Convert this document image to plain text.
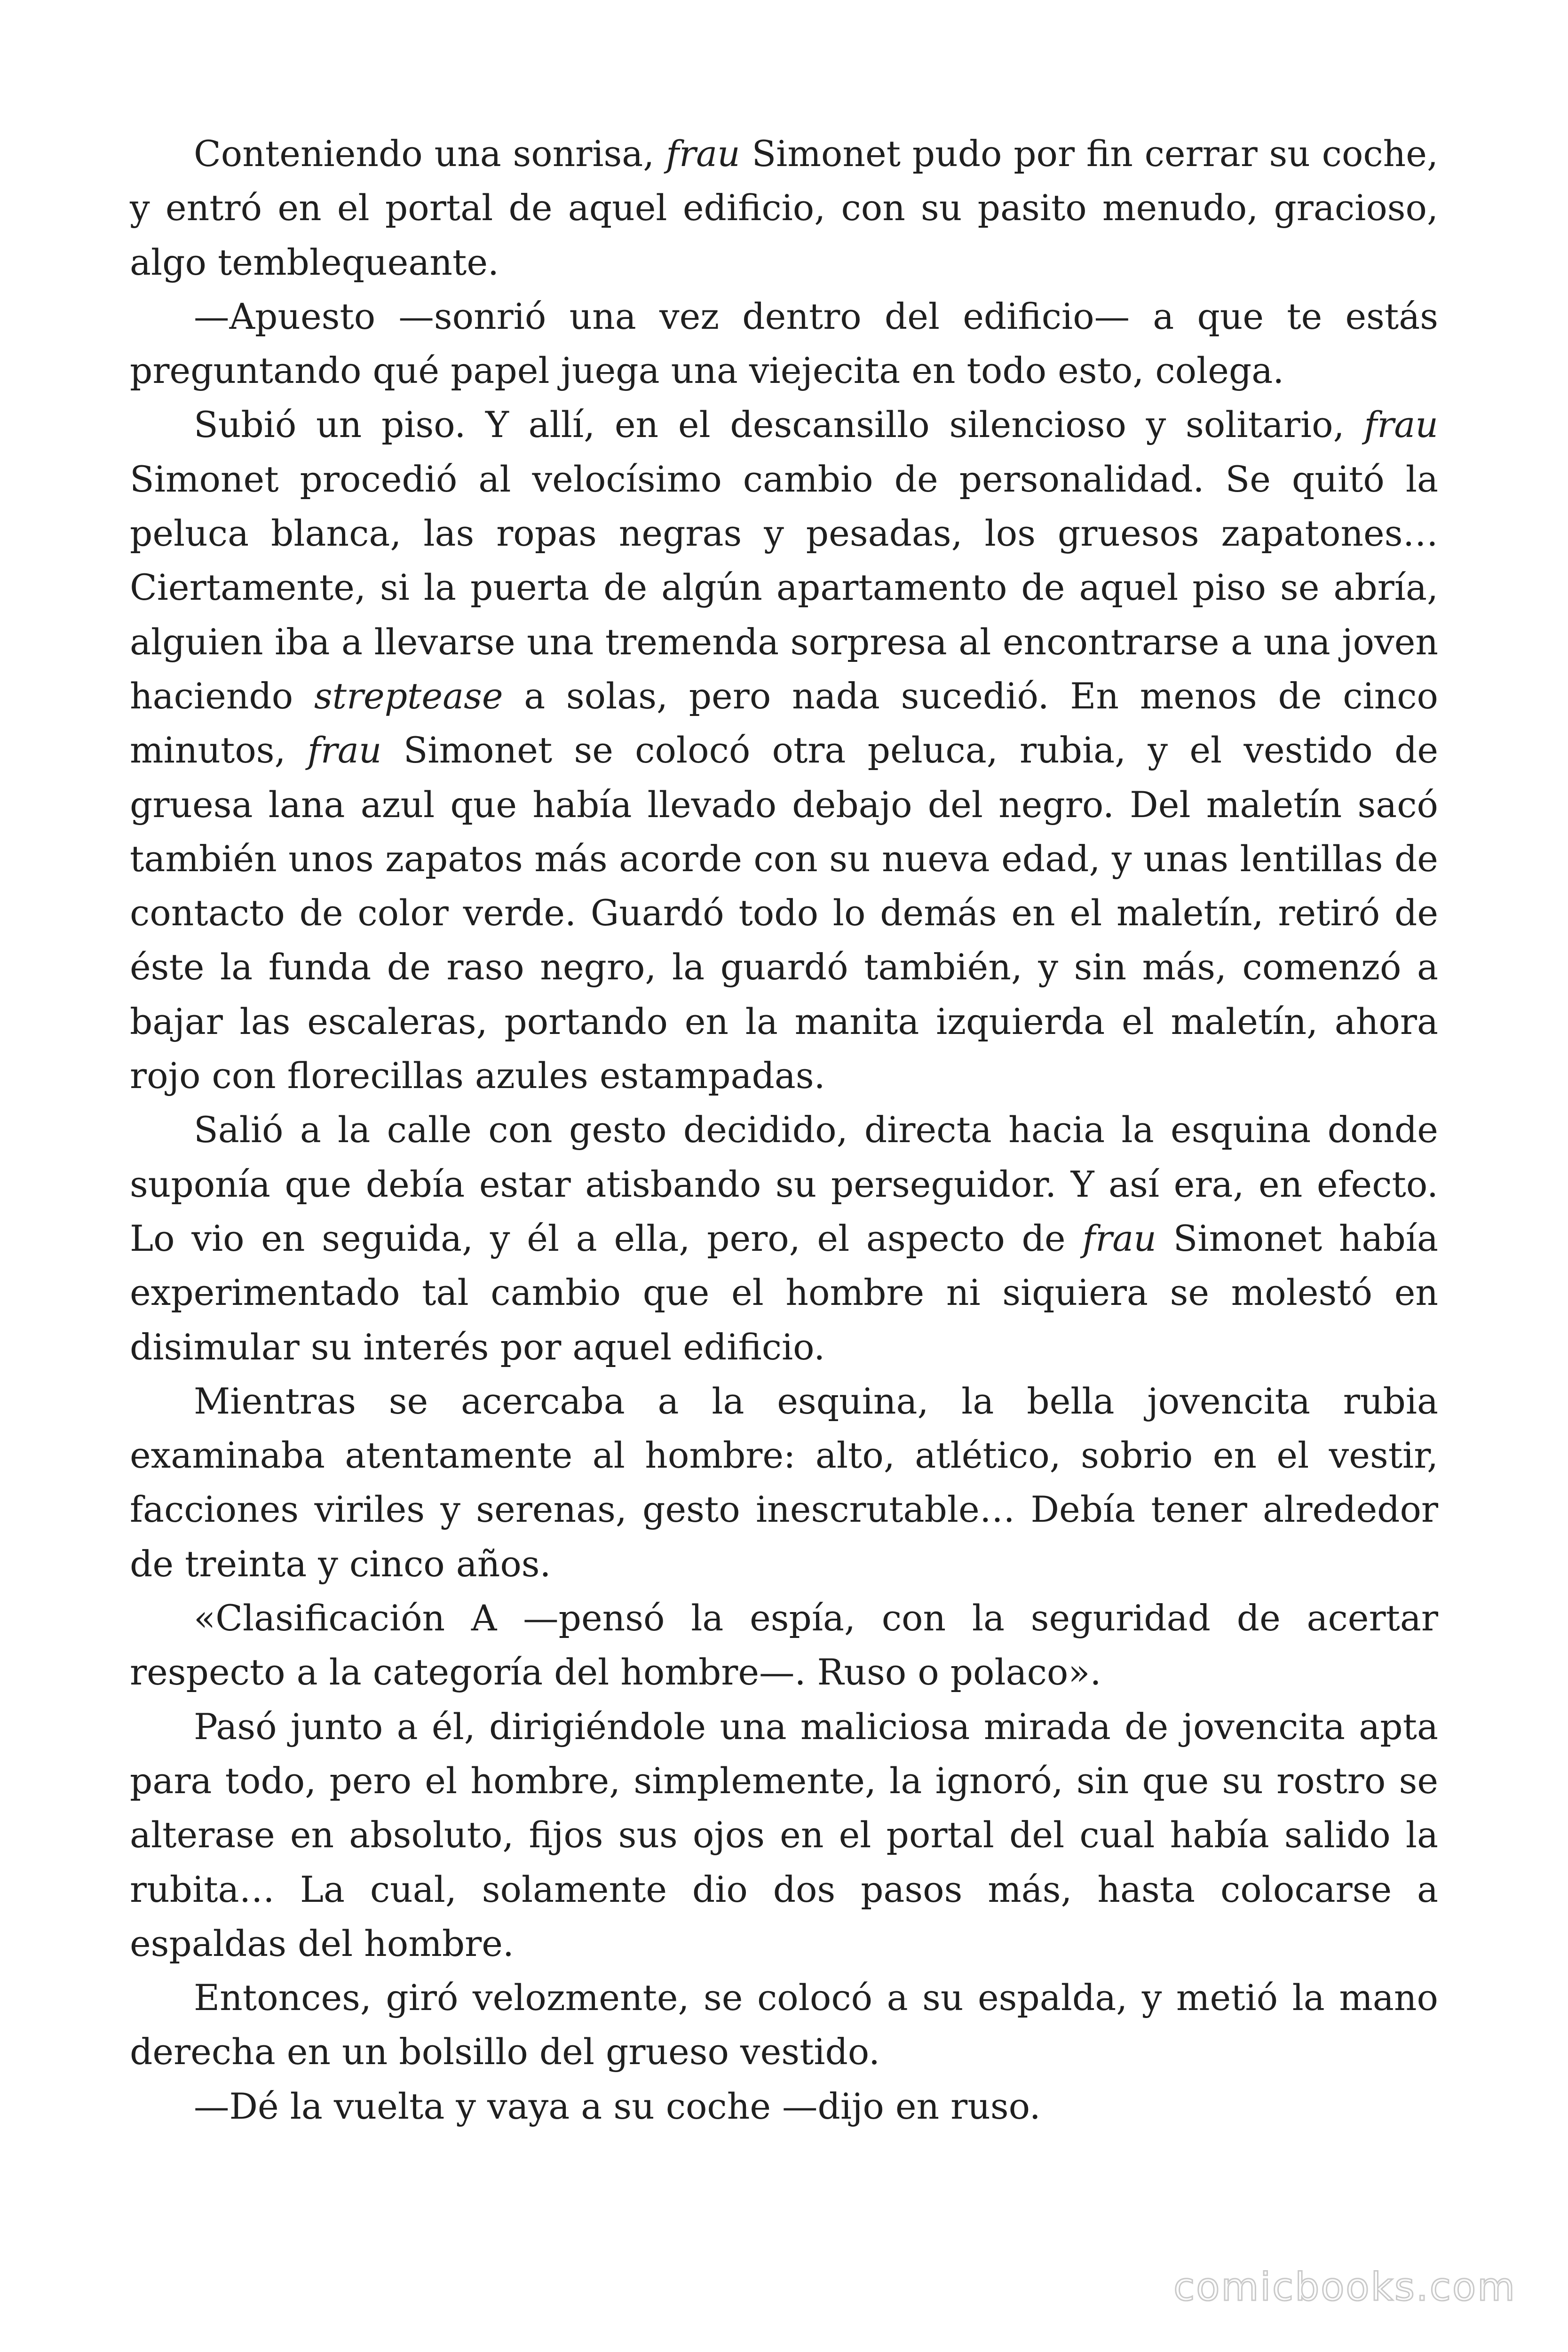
Conteniendo una sonrisa, frau Simonet pudo por fin cerrar su coche, y entró en el portal de aquel edificio, con su pasito menudo, gracioso, algo temblequeante.

—Apuesto —sonrió una vez dentro del edificio— a que te estás preguntando qué papel juega una viejecita en todo esto, colega.

Subió un piso. Y allí, en el descansillo silencioso y solitario, frau Simonet procedió al velocísimo cambio de personalidad. Se quitó la peluca blanca, las ropas negras y pesadas, los gruesos zapatones… Ciertamente, si la puerta de algún apartamento de aquel piso se abría, alguien iba a llevarse una tremenda sorpresa al encontrarse a una joven haciendo streptease a solas, pero nada sucedió. En menos de cinco minutos, frau Simonet se colocó otra peluca, rubia, y el vestido de gruesa lana azul que había llevado debajo del negro. Del maletín sacó también unos zapatos más acorde con su nueva edad, y unas lentillas de contacto de color verde. Guardó todo lo demás en el maletín, retiró de éste la funda de raso negro, la guardó también, y sin más, comenzó a bajar las escaleras, portando en la manita izquierda el maletín, ahora rojo con florecillas azules estampadas.

Salió a la calle con gesto decidido, directa hacia la esquina donde suponía que debía estar atisbando su perseguidor. Y así era, en efecto. Lo vio en seguida, y él a ella, pero, el aspecto de frau Simonet había experimentado tal cambio que el hombre ni siquiera se molestó en disimular su interés por aquel edificio.

Mientras se acercaba a la esquina, la bella jovencita rubia examinaba atentamente al hombre: alto, atlético, sobrio en el vestir, facciones viriles y serenas, gesto inescrutable… Debía tener alrededor de treinta y cinco años.

«Clasificación A —pensó la espía, con la seguridad de acertar respecto a la categoría del hombre—. Ruso o polaco».

Pasó junto a él, dirigiéndole una maliciosa mirada de jovencita apta para todo, pero el hombre, simplemente, la ignoró, sin que su rostro se alterase en absoluto, fijos sus ojos en el portal del cual había salido la rubita… La cual, solamente dio dos pasos más, hasta colocarse a espaldas del hombre.

Entonces, giró velozmente, se colocó a su espalda, y metió la mano derecha en un bolsillo del grueso vestido.

—Dé la vuelta y vaya a su coche —dijo en ruso.

comicbooks.com
